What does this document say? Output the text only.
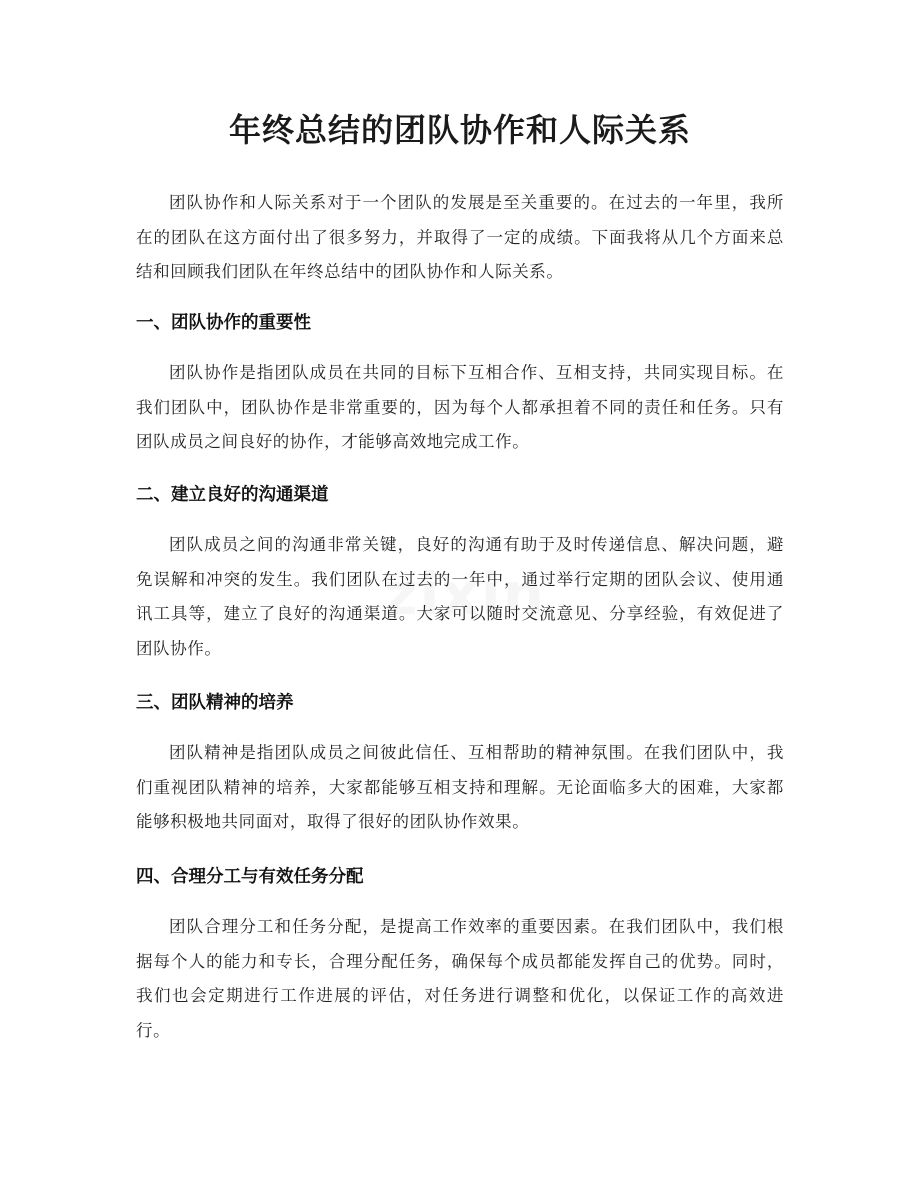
年终总结的团队协作和人际关系

团队协作和人际关系对于一个团队的发展是至关重要的。在过去的一年里，我所在的团队在这方面付出了很多努力，并取得了一定的成绩。下面我将从几个方面来总结和回顾我们团队在年终总结中的团队协作和人际关系。

一、团队协作的重要性

团队协作是指团队成员在共同的目标下互相合作、互相支持，共同实现目标。在我们团队中，团队协作是非常重要的，因为每个人都承担着不同的责任和任务。只有团队成员之间良好的协作，才能够高效地完成工作。

二、建立良好的沟通渠道

团队成员之间的沟通非常关键，良好的沟通有助于及时传递信息、解决问题，避免误解和冲突的发生。我们团队在过去的一年中，通过举行定期的团队会议、使用通讯工具等，建立了良好的沟通渠道。大家可以随时交流意见、分享经验，有效促进了团队协作。

三、团队精神的培养

团队精神是指团队成员之间彼此信任、互相帮助的精神氛围。在我们团队中，我们重视团队精神的培养，大家都能够互相支持和理解。无论面临多大的困难，大家都能够积极地共同面对，取得了很好的团队协作效果。

四、合理分工与有效任务分配

团队合理分工和任务分配，是提高工作效率的重要因素。在我们团队中，我们根据每个人的能力和专长，合理分配任务，确保每个成员都能发挥自己的优势。同时，我们也会定期进行工作进展的评估，对任务进行调整和优化，以保证工作的高效进行。
